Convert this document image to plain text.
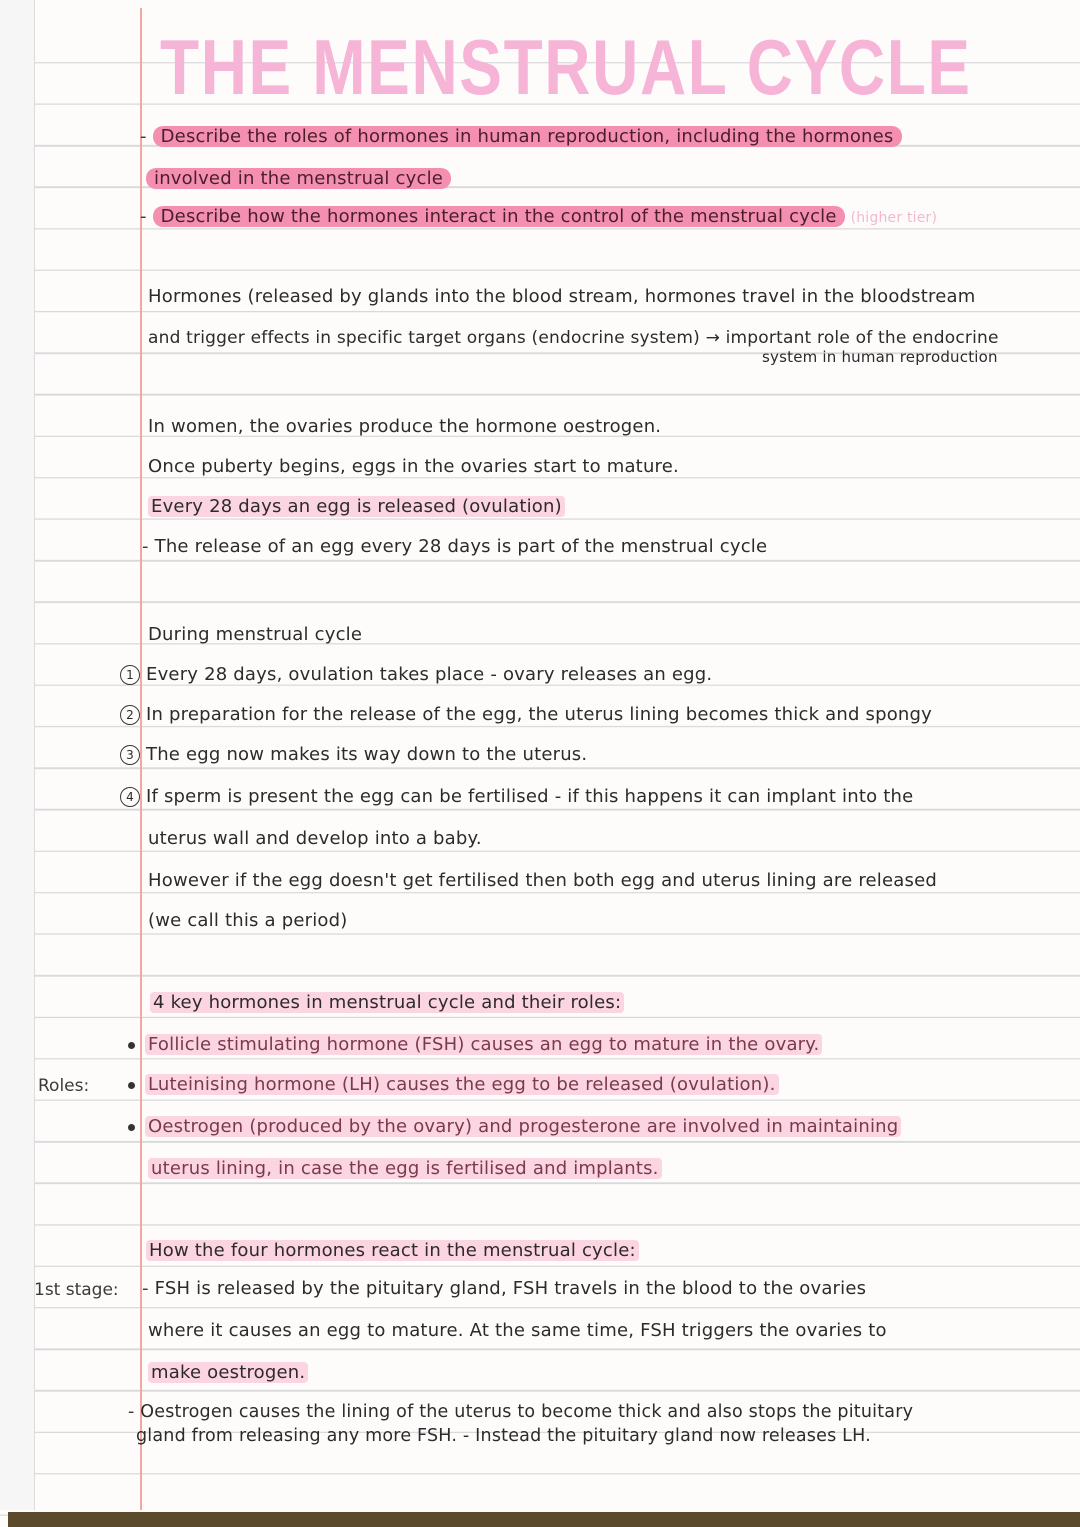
THE MENSTRUAL CYCLE
- Describe the roles of hormones in human reproduction, including the hormones
involved in the menstrual cycle
- Describe how the hormones interact in the control of the menstrual cycle (higher tier)
Hormones (released by glands into the blood stream, hormones travel in the bloodstream
and trigger effects in specific target organs (endocrine system) → important role of the endocrine
system in human reproduction
In women, the ovaries produce the hormone oestrogen.
Once puberty begins, eggs in the ovaries start to mature.
Every 28 days an egg is released (ovulation)
- The release of an egg every 28 days is part of the menstrual cycle
During menstrual cycle
1 Every 28 days, ovulation takes place - ovary releases an egg.
2 In preparation for the release of the egg, the uterus lining becomes thick and spongy
3 The egg now makes its way down to the uterus.
4 If sperm is present the egg can be fertilised - if this happens it can implant into the
uterus wall and develop into a baby.
However if the egg doesn't get fertilised then both egg and uterus lining are released
(we call this a period)
4 key hormones in menstrual cycle and their roles:
Follicle stimulating hormone (FSH) causes an egg to mature in the ovary.
Roles:	Luteinising hormone (LH) causes the egg to be released (ovulation).
Oestrogen (produced by the ovary) and progesterone are involved in maintaining
uterus lining, in case the egg is fertilised and implants.
How the four hormones react in the menstrual cycle:
1st stage: - FSH is released by the pituitary gland, FSH travels in the blood to the ovaries
where it causes an egg to mature. At the same time, FSH triggers the ovaries to
make oestrogen.
- Oestrogen causes the lining of the uterus to become thick and also stops the pituitary
gland from releasing any more FSH. - Instead the pituitary gland now releases LH.
